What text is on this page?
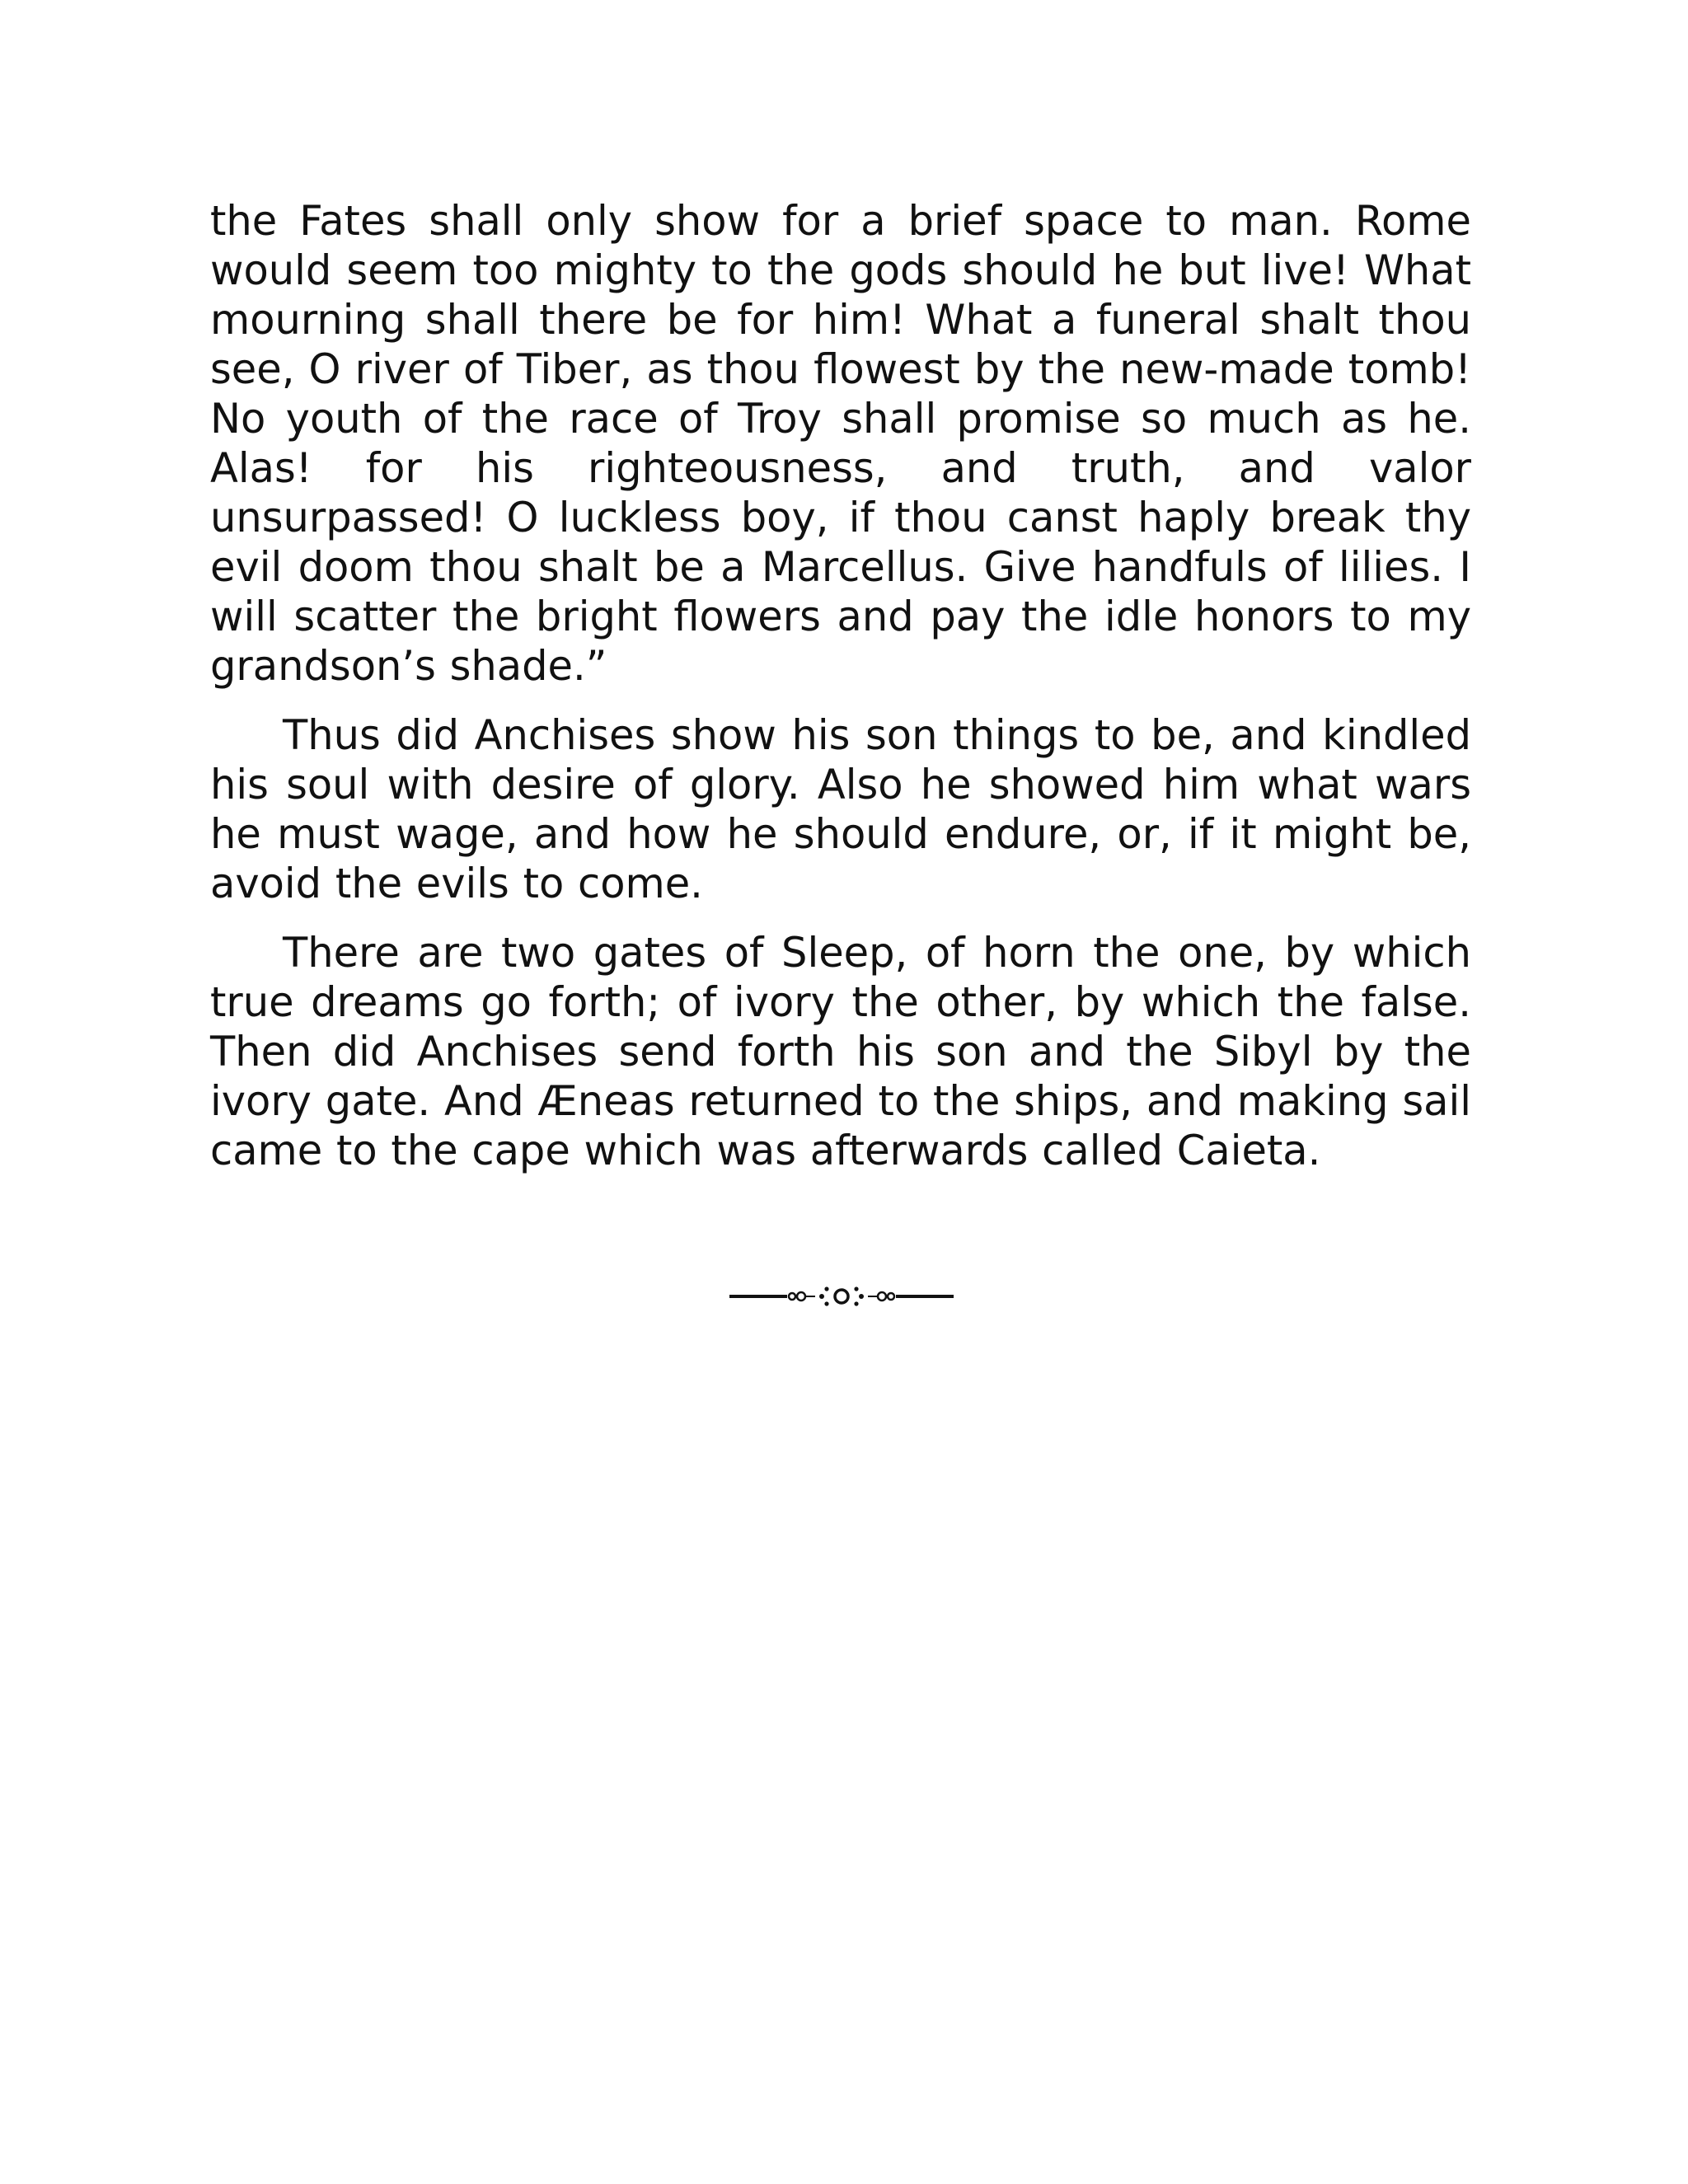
the Fates shall only show for a brief space to man. Rome would seem too mighty to the gods should he but live! What mourning shall there be for him! What a funeral shalt thou see, O river of Tiber, as thou flowest by the new-made tomb! No youth of the race of Troy shall promise so much as he. Alas! for his righteousness, and truth, and valor unsurpassed! O luckless boy, if thou canst haply break thy evil doom thou shalt be a Marcellus. Give handfuls of lilies. I will scatter the bright flowers and pay the idle honors to my grandson’s shade.”

Thus did Anchises show his son things to be, and kindled his soul with desire of glory. Also he showed him what wars he must wage, and how he should endure, or, if it might be, avoid the evils to come.

There are two gates of Sleep, of horn the one, by which true dreams go forth; of ivory the other, by which the false. Then did Anchises send forth his son and the Sibyl by the ivory gate. And Æneas returned to the ships, and making sail came to the cape which was afterwards called Caieta.
